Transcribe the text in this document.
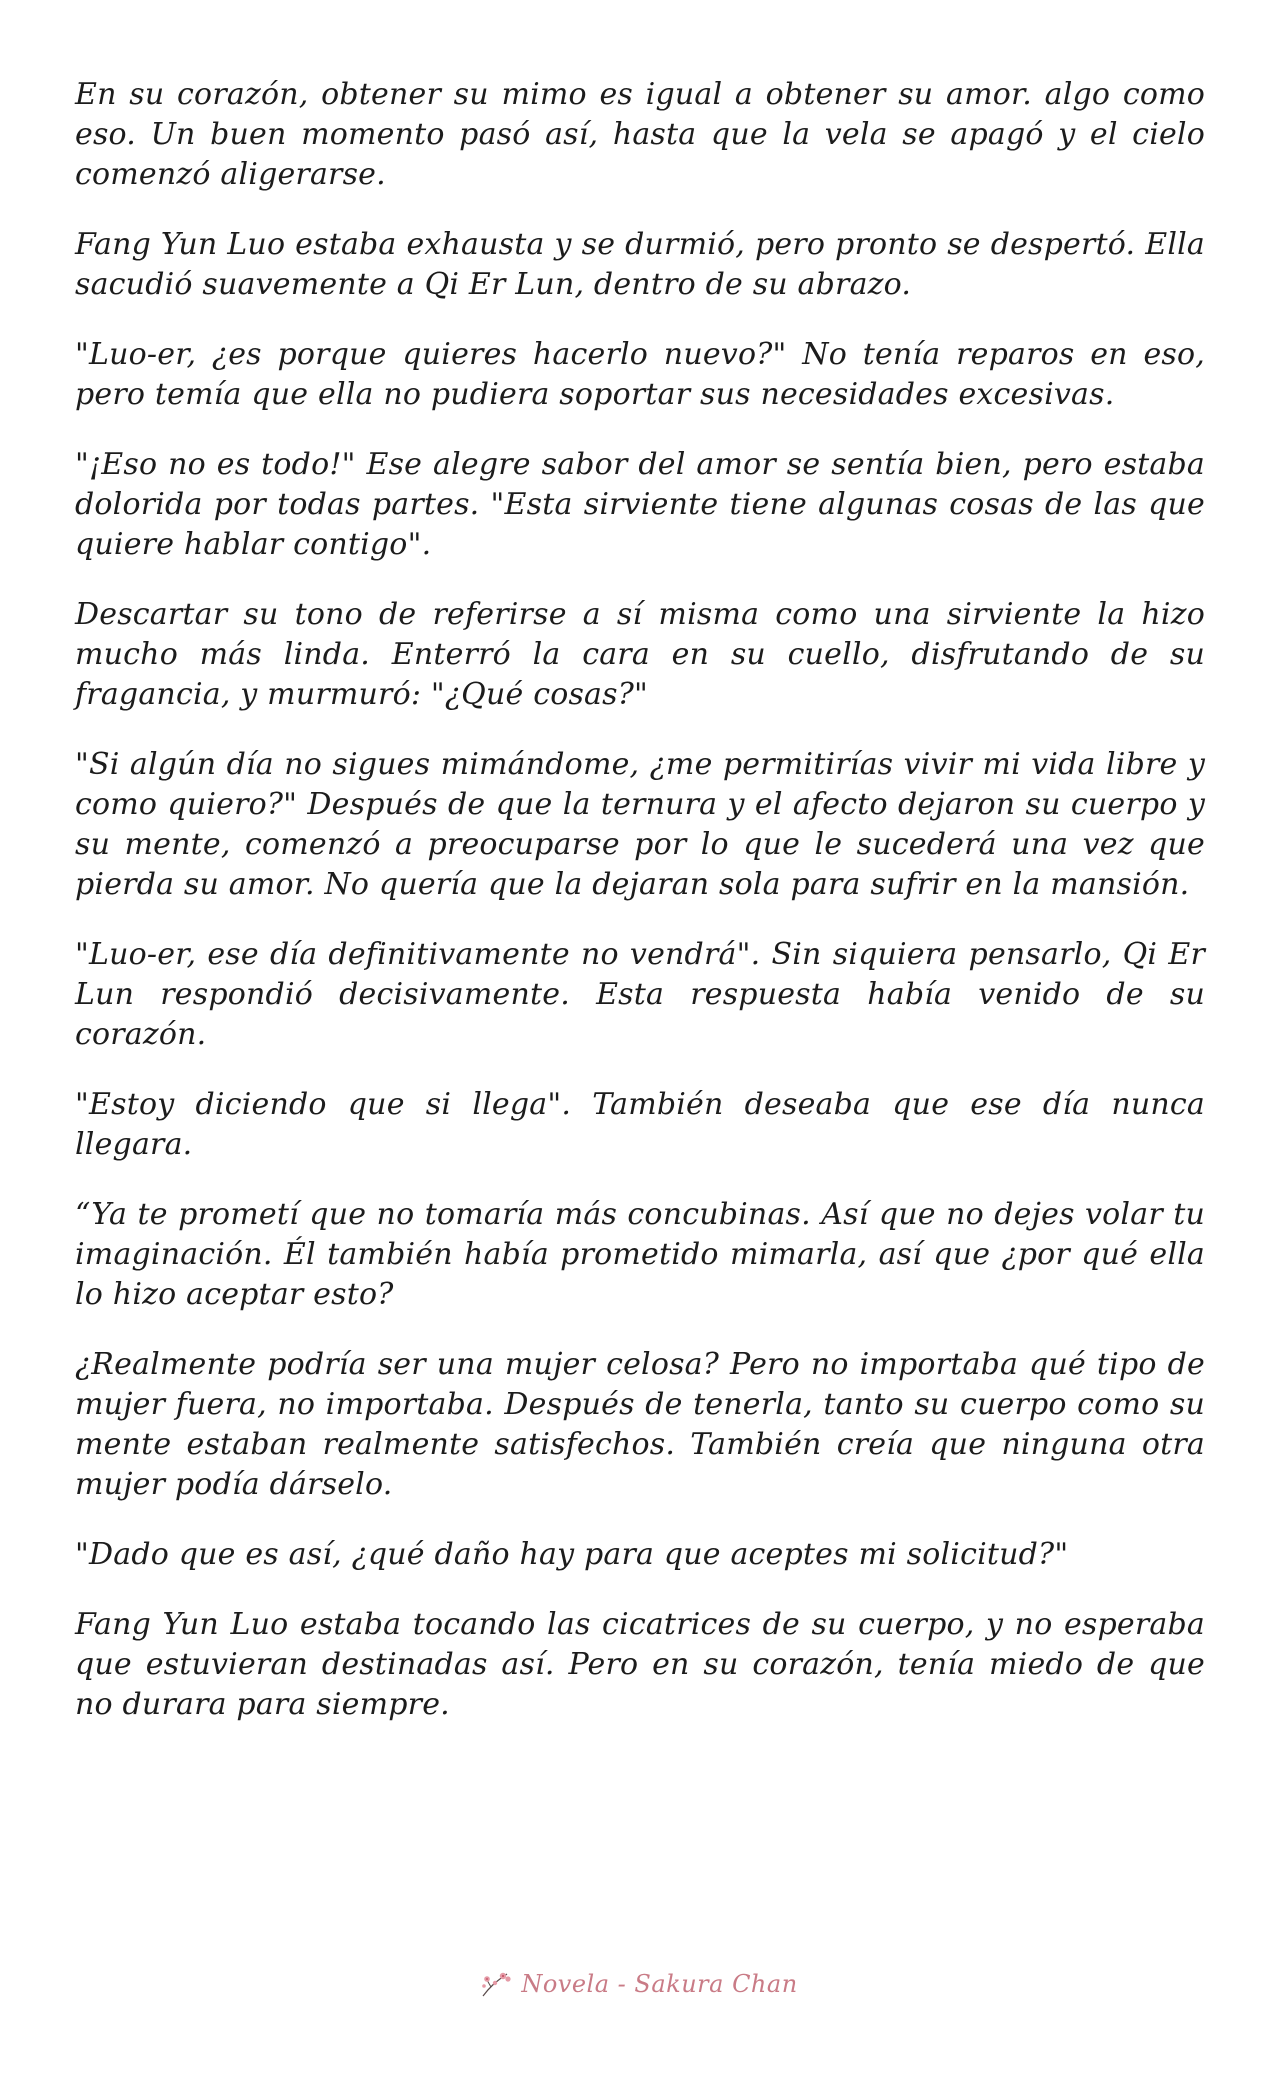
En su corazón, obtener su mimo es igual a obtener su amor. algo como eso. Un buen momento pasó así, hasta que la vela se apagó y el cielo comenzó aligerarse.

Fang Yun Luo estaba exhausta y se durmió, pero pronto se despertó. Ella sacudió suavemente a Qi Er Lun, dentro de su abrazo.

"Luo-er, ¿es porque quieres hacerlo nuevo?" No tenía reparos en eso, pero temía que ella no pudiera soportar sus necesidades excesivas.

"¡Eso no es todo!" Ese alegre sabor del amor se sentía bien, pero estaba dolorida por todas partes. "Esta sirviente tiene algunas cosas de las que quiere hablar contigo".

Descartar su tono de referirse a sí misma como una sirviente la hizo mucho más linda. Enterró la cara en su cuello, disfrutando de su fragancia, y murmuró: "¿Qué cosas?"

"Si algún día no sigues mimándome, ¿me permitirías vivir mi vida libre y como quiero?" Después de que la ternura y el afecto dejaron su cuerpo y su mente, comenzó a preocuparse por lo que le sucederá una vez que pierda su amor. No quería que la dejaran sola para sufrir en la mansión.

"Luo-er, ese día definitivamente no vendrá". Sin siquiera pensarlo, Qi Er Lun respondió decisivamente. Esta respuesta había venido de su corazón.

"Estoy diciendo que si llega". También deseaba que ese día nunca llegara.

“Ya te prometí que no tomaría más concubinas. Así que no dejes volar tu imaginación. Él también había prometido mimarla, así que ¿por qué ella lo hizo aceptar esto?

¿Realmente podría ser una mujer celosa? Pero no importaba qué tipo de mujer fuera, no importaba. Después de tenerla, tanto su cuerpo como su mente estaban realmente satisfechos. También creía que ninguna otra mujer podía dárselo.

"Dado que es así, ¿qué daño hay para que aceptes mi solicitud?"

Fang Yun Luo estaba tocando las cicatrices de su cuerpo, y no esperaba que estuvieran destinadas así. Pero en su corazón, tenía miedo de que no durara para siempre.

Novela - Sakura Chan
